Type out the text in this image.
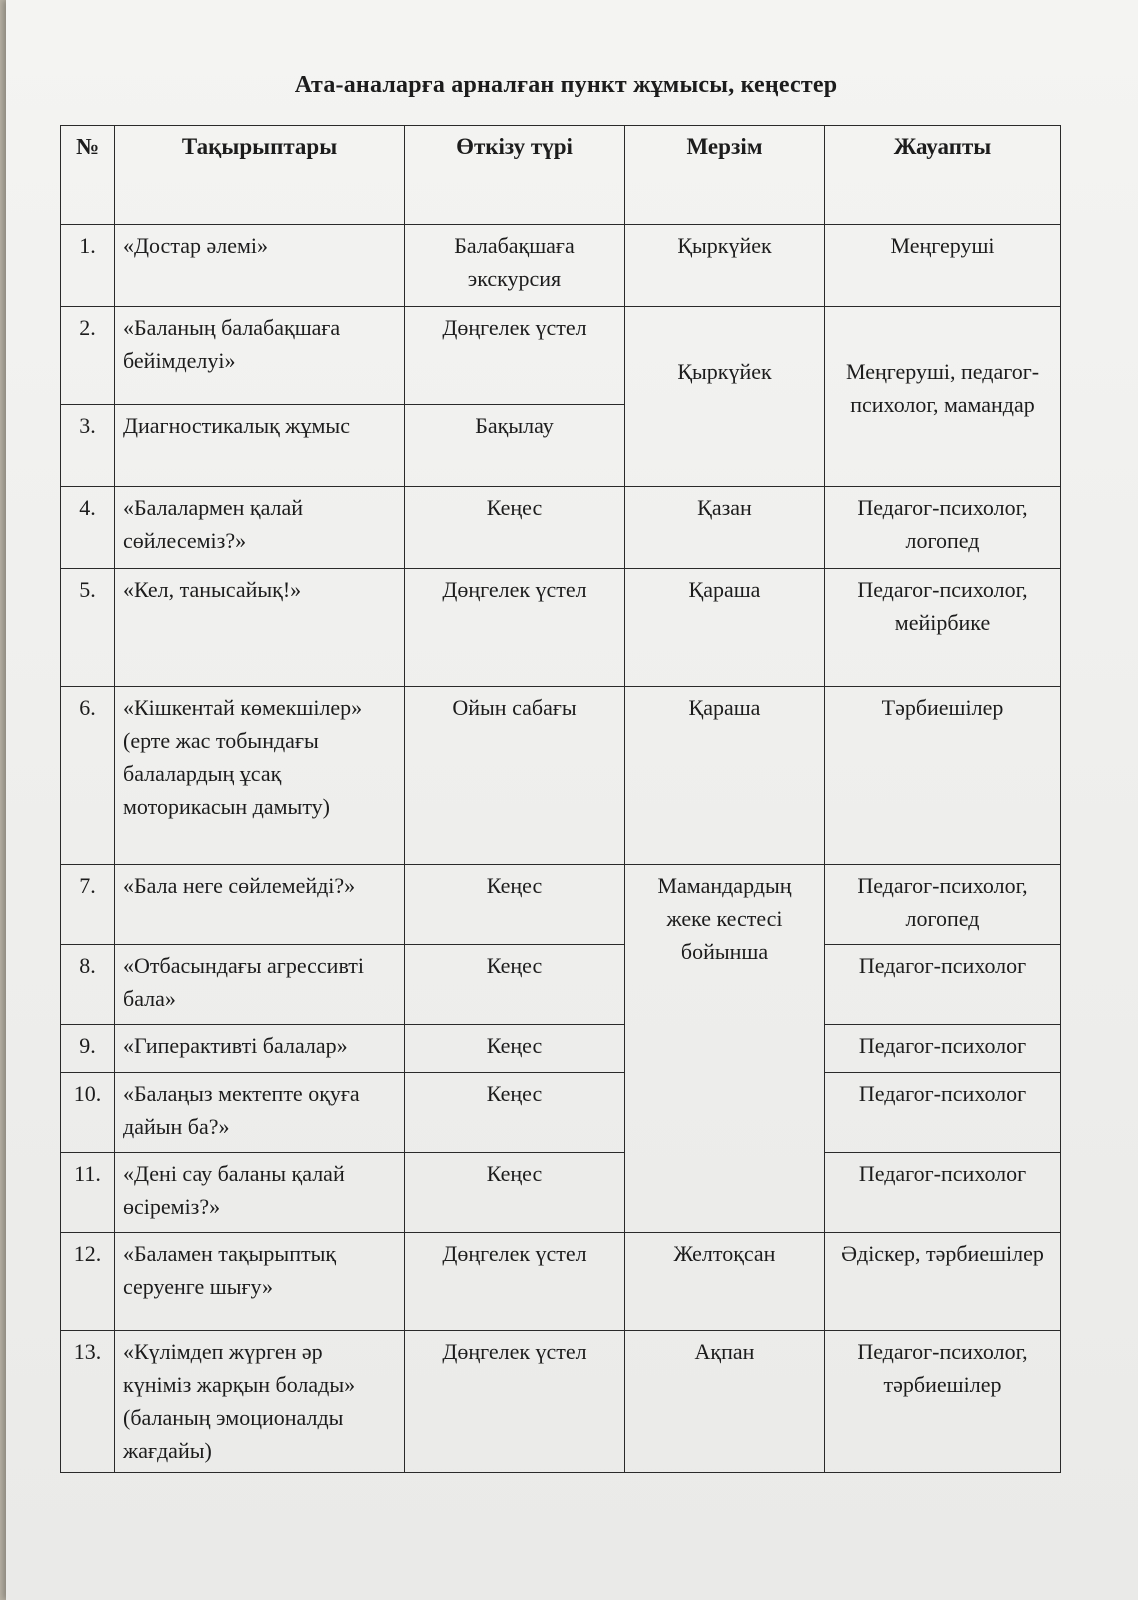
Ата-аналарға арналған пункт жұмысы, кеңестер
№	Тақырыптары	Өткізу түрі	Мерзім	Жауапты
1.	«Достар әлемі»	Балабақшаға экскурсия	Қыркүйек	Меңгеруші
2.	«Баланың балабақшаға бейімделуі»	Дөңгелек үстел	Қыркүйек	Меңгеруші, педагог-психолог, мамандар
3.	Диагностикалық жұмыс	Бақылау		
4.	«Балалармен қалай сөйлесеміз?»	Кеңес	Қазан	Педагог-психолог, логопед
5.	«Кел, танысайық!»	Дөңгелек үстел	Қараша	Педагог-психолог, мейірбике
6.	«Кішкентай көмекшілер» (ерте жас тобындағы балалардың ұсақ моторикасын дамыту)	Ойын сабағы	Қараша	Тәрбиешілер
7.	«Бала неге сөйлемейді?»	Кеңес	Мамандардың жеке кестесі бойынша	Педагог-психолог, логопед
8.	«Отбасындағы агрессивті бала»	Кеңес		Педагог-психолог
9.	«Гиперактивті балалар»	Кеңес		Педагог-психолог
10.	«Балаңыз мектепте оқуға дайын ба?»	Кеңес		Педагог-психолог
11.	«Дені сау баланы қалай өсіреміз?»	Кеңес		Педагог-психолог
12.	«Баламен тақырыптық серуенге шығу»	Дөңгелек үстел	Желтоқсан	Әдіскер, тәрбиешілер
13.	«Күлімдеп жүрген әр күніміз жарқын болады» (баланың эмоционалды жағдайы)	Дөңгелек үстел	Ақпан	Педагог-психолог, тәрбиешілер
